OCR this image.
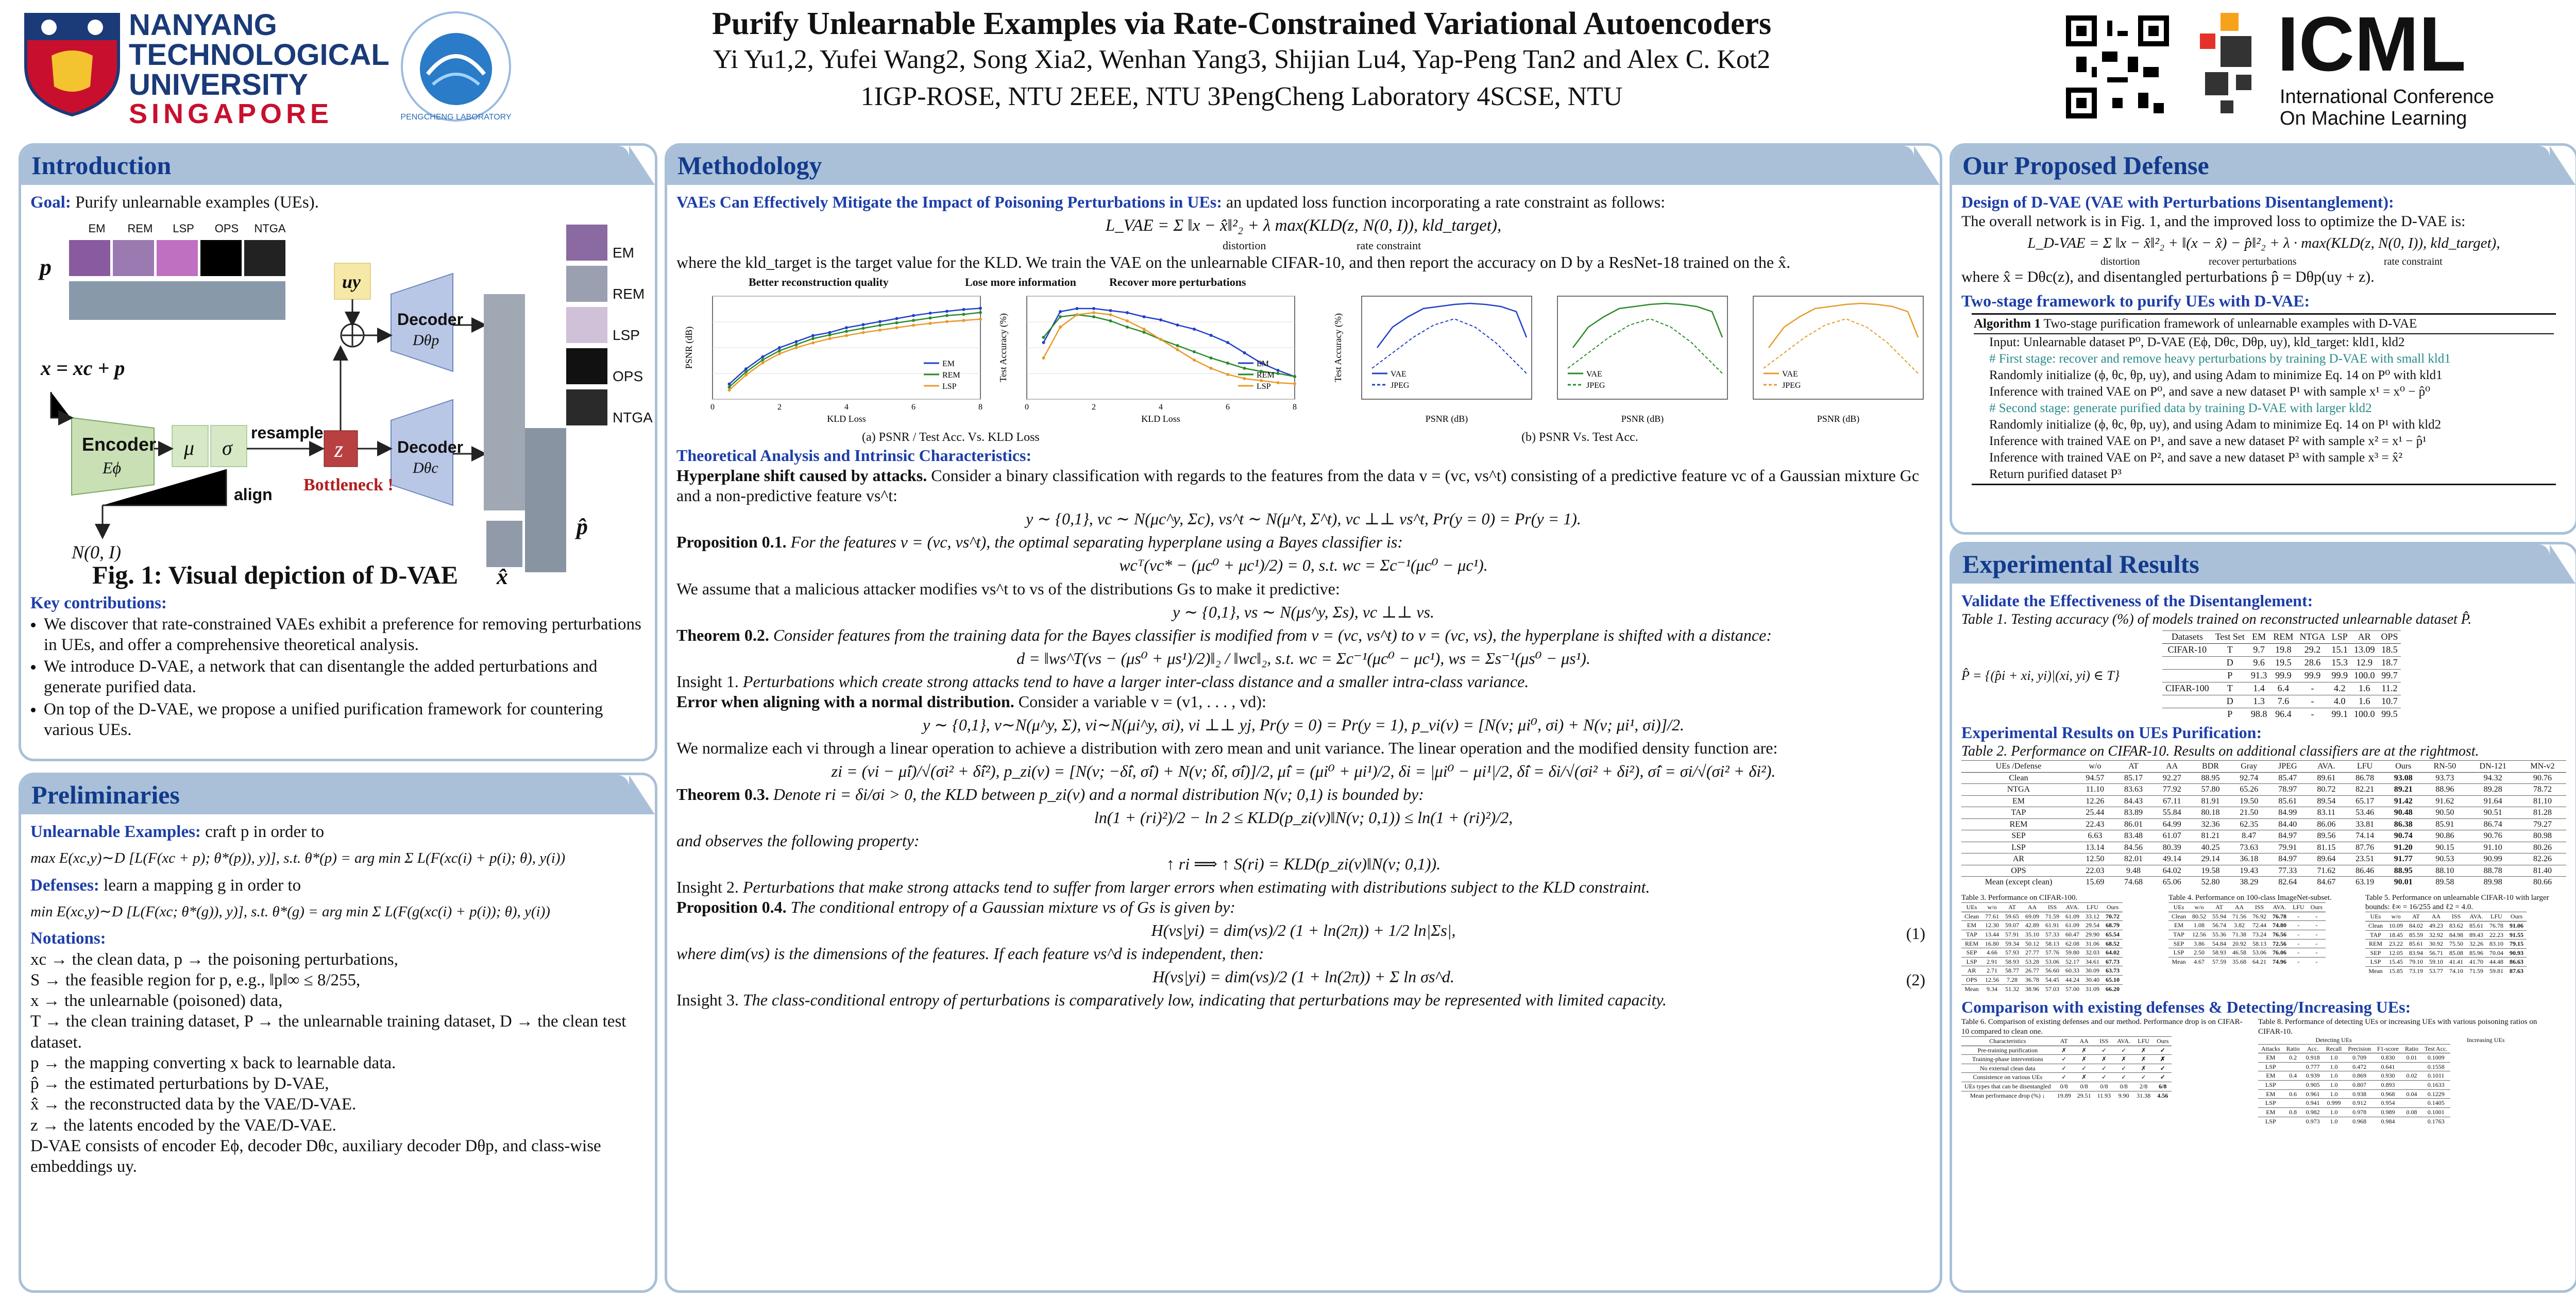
NANYANG
TECHNOLOGICAL
UNIVERSITY
SINGAPORE	PENGCHENG LABORATORY
Purify Unlearnable Examples via Rate-Constrained Variational Autoencoders
Yi Yu1,2, Yufei Wang2, Song Xia2, Wenhan Yang3, Shijian Lu4, Yap-Peng Tan2 and Alex C. Kot2
1IGP-ROSE, NTU 2EEE, NTU 3PengCheng Laboratory 4SCSE, NTU
ICML
International Conference
On Machine Learning
Introduction
Goal: Purify unlearnable examples (UEs).
EM REM LSP OPS NTGA
p
uy
x = xc + p
Encoder
Eϕ
μ σ
resample
z
Bottleneck !
align
N(0, I)
Decoder
Dθp
Decoder
Dθc
EM
REM
LSP
OPS
NTGA
p̂
x̂
Fig. 1: Visual depiction of D-VAE
Key contributions:
• We discover that rate-constrained VAEs exhibit a preference for removing perturbations in UEs, and offer a comprehensive theoretical analysis.
• We introduce D-VAE, a network that can disentangle the added perturbations and generate purified data.
• On top of the D-VAE, we propose a unified purification framework for countering various UEs.
Preliminaries
Unlearnable Examples: craft p in order to
max E(xc,y)∼D [L(F(xc + p); θ*(p)), y)], s.t. θ*(p) = arg min Σ L(F(xc(i) + p(i); θ), y(i))
Defenses: learn a mapping g in order to
min E(xc,y)∼D [L(F(xc; θ*(g)), y)], s.t. θ*(g) = arg min Σ L(F(g(xc(i) + p(i)); θ), y(i))
Notations:
xc → the clean data, p → the poisoning perturbations,
S → the feasible region for p, e.g., ‖p‖∞ ≤ 8/255,
x → the unlearnable (poisoned) data,
T → the clean training dataset, P → the unlearnable training dataset, D → the clean test dataset.
p → the mapping converting x back to learnable data.
p̂ → the estimated perturbations by D-VAE,
x̂ → the reconstructed data by the VAE/D-VAE.
z → the latents encoded by the VAE/D-VAE.
D-VAE consists of encoder Eϕ, decoder Dθc, auxiliary decoder Dθp, and class-wise embeddings uy.
Methodology
VAEs Can Effectively Mitigate the Impact of Poisoning Perturbations in UEs: an updated loss function incorporating a rate constraint as follows:
L_VAE = Σ ‖x − x̂‖²₂ + λ max(KLD(z, N(0, I)), kld_target),
distortion	rate constraint
where the kld_target is the target value for the KLD. We train the VAE on the unlearnable CIFAR-10, and then report the accuracy on D by a ResNet-18 trained on the x̂.
0	2	4	6	8
KLD Loss
PSNR (dB)	EM
REM
LSP
0	2	4	6	8
KLD Loss
Test Accuracy (%)	EM
REM
LSP
PSNR (dB)
VAE
JPEG
PSNR (dB)
VAE
JPEG
PSNR (dB)
VAE
JPEG
Test Accuracy (%)
Better reconstruction quality	Lose more information	Recover more perturbations
(a) PSNR / Test Acc. Vs. KLD Loss	(b) PSNR Vs. Test Acc.
Theoretical Analysis and Intrinsic Characteristics:
Hyperplane shift caused by attacks. Consider a binary classification with regards to the features from the data v = (vc, vs^t) consisting of a predictive feature vc of a Gaussian mixture Gc and a non-predictive feature vs^t:
y ∼ {0,1}, vc ∼ N(μc^y, Σc), vs^t ∼ N(μ^t, Σ^t), vc ⊥⊥ vs^t, Pr(y = 0) = Pr(y = 1).
Proposition 0.1. For the features v = (vc, vs^t), the optimal separating hyperplane using a Bayes classifier is:
wcᵀ(vc* − (μc⁰ + μc¹)/2) = 0, s.t. wc = Σc⁻¹(μc⁰ − μc¹).
We assume that a malicious attacker modifies vs^t to vs of the distributions Gs to make it predictive:
y ∼ {0,1}, vs ∼ N(μs^y, Σs), vc ⊥⊥ vs.
Theorem 0.2. Consider features from the training data for the Bayes classifier is modified from v = (vc, vs^t) to v = (vc, vs), the hyperplane is shifted with a distance:
d = ‖ws^T(vs − (μs⁰ + μs¹)/2)‖₂ / ‖wc‖₂, s.t. wc = Σc⁻¹(μc⁰ − μc¹), ws = Σs⁻¹(μs⁰ − μs¹).
Insight 1. Perturbations which create strong attacks tend to have a larger inter-class distance and a smaller intra-class variance.
Error when aligning with a normal distribution. Consider a variable v = (v1, . . . , vd):
y ∼ {0,1}, v∼N(μ^y, Σ), vi∼N(μi^y, σi), vi ⊥⊥ yj, Pr(y = 0) = Pr(y = 1), p_vi(v) = [N(v; μi⁰, σi) + N(v; μi¹, σi)]/2.
We normalize each vi through a linear operation to achieve a distribution with zero mean and unit variance. The linear operation and the modified density function are:
zi = (vi − μ̂i)/√(σi² + δ̂i²), p_zi(v) = [N(v; −δ̂i, σ̂i) + N(v; δ̂i, σ̂i)]/2, μ̂i = (μi⁰ + μi¹)/2, δi = |μi⁰ − μi¹|/2, δ̂i = δi/√(σi² + δi²), σ̂i = σi/√(σi² + δi²).
Theorem 0.3. Denote ri = δi/σi > 0, the KLD between p_zi(v) and a normal distribution N(v; 0,1) is bounded by:
ln(1 + (ri)²)/2 − ln 2 ≤ KLD(p_zi(v)‖N(v; 0,1)) ≤ ln(1 + (ri)²)/2,
and observes the following property:
↑ ri ⟹ ↑ S(ri) = KLD(p_zi(v)‖N(v; 0,1)).
Insight 2. Perturbations that make strong attacks tend to suffer from larger errors when estimating with distributions subject to the KLD constraint.
Proposition 0.4. The conditional entropy of a Gaussian mixture vs of Gs is given by:
H(vs|yi) = dim(vs)/2 (1 + ln(2π)) + 1/2 ln|Σs|,	(1)
where dim(vs) is the dimensions of the features. If each feature vs^d is independent, then:
H(vs|yi) = dim(vs)/2 (1 + ln(2π)) + Σ ln σs^d.	(2)
Insight 3. The class-conditional entropy of perturbations is comparatively low, indicating that perturbations may be represented with limited capacity.
Our Proposed Defense
Design of D-VAE (VAE with Perturbations Disentanglement):
The overall network is in Fig. 1, and the improved loss to optimize the D-VAE is:
L_D-VAE = Σ ‖x − x̂‖²₂ + ‖(x − x̂) − p̂‖²₂ + λ · max(KLD(z, N(0, I)), kld_target),
distortion	recover perturbations	rate constraint
where x̂ = Dθc(z), and disentangled perturbations p̂ = Dθp(uy + z).
Two-stage framework to purify UEs with D-VAE:
Algorithm 1 Two-stage purification framework of unlearnable examples with D-VAE
Input: Unlearnable dataset P⁰, D-VAE (Eϕ, Dθc, Dθp, uy), kld_target: kld1, kld2
# First stage: recover and remove heavy perturbations by training D-VAE with small kld1
Randomly initialize (ϕ, θc, θp, uy), and using Adam to minimize Eq. 14 on P⁰ with kld1
Inference with trained VAE on P⁰, and save a new dataset P¹ with sample x¹ = x⁰ − p̂⁰
# Second stage: generate purified data by training D-VAE with larger kld2
Randomly initialize (ϕ, θc, θp, uy), and using Adam to minimize Eq. 14 on P¹ with kld2
Inference with trained VAE on P¹, and save a new dataset P² with sample x² = x¹ − p̂¹
Inference with trained VAE on P², and save a new dataset P³ with sample x³ = x̂²
Return purified dataset P³
Experimental Results
Validate the Effectiveness of the Disentanglement:
Table 1. Testing accuracy (%) of models trained on reconstructed unlearnable dataset P̂.
P̂ = {(p̂i + xi, yi)|(xi, yi) ∈ T}
Datasets	Test Set	EM	REM	NTGA	LSP	AR	OPS
CIFAR-10	T	9.7	19.8	29.2	15.1	13.09	18.5
	D	9.6	19.5	28.6	15.3	12.9	18.7
	P	91.3	99.9	99.9	99.9	100.0	99.7
CIFAR-100	T	1.4	6.4	-	4.2	1.6	11.2
	D	1.3	7.6	-	4.0	1.6	10.7
	P	98.8	96.4	-	99.1	100.0	99.5
Experimental Results on UEs Purification:
Table 2. Performance on CIFAR-10. Results on additional classifiers are at the rightmost.
UEs /Defense	w/o	AT	AA	BDR	Gray	JPEG	AVA.	LFU	Ours	RN-50	DN-121	MN-v2
Clean	94.57	85.17	92.27	88.95	92.74	85.47	89.61	86.78	93.08	93.73	94.32	90.76
NTGA	11.10	83.63	77.92	57.80	65.26	78.97	80.72	82.21	89.21	88.96	89.28	78.72
EM	12.26	84.43	67.11	81.91	19.50	85.61	89.54	65.17	91.42	91.62	91.64	81.10
TAP	25.44	83.89	55.84	80.18	21.50	84.99	83.11	53.46	90.48	90.50	90.51	81.28
REM	22.43	86.01	64.99	32.36	62.35	84.40	86.06	33.81	86.38	85.91	86.74	79.27
SEP	6.63	83.48	61.07	81.21	8.47	84.97	89.56	74.14	90.74	90.86	90.76	80.98
LSP	13.14	84.56	80.39	40.25	73.63	79.91	81.15	87.76	91.20	90.15	91.10	80.26
AR	12.50	82.01	49.14	29.14	36.18	84.97	89.64	23.51	91.77	90.53	90.99	82.26
OPS	22.03	9.48	64.02	19.58	19.43	77.33	71.62	86.46	88.95	88.10	88.78	81.40
Mean (except clean)	15.69	74.68	65.06	52.80	38.29	82.64	84.67	63.19	90.01	89.58	89.98	80.66
Table 3. Performance on CIFAR-100.
UEs	w/o	AT	AA	ISS	AVA.	LFU	Ours
Clean	77.61	59.65	69.09	71.59	61.09	33.12	70.72
EM	12.30	59.07	42.89	61.91	61.09	29.54	68.79
TAP	13.44	57.91	35.10	57.33	60.47	29.90	65.54
REM	16.80	59.34	50.12	58.13	62.08	31.06	68.52
SEP	4.66	57.93	27.77	57.76	59.80	32.03	64.02
LSP	2.91	58.93	53.28	53.06	52.17	34.61	67.73
AR	2.71	58.77	26.77	56.60	60.33	30.09	63.73
OPS	12.56	7.28	36.78	54.45	44.24	30.40	65.10
Mean	9.34	51.32	38.96	57.03	57.00	31.09	66.20
Table 4. Performance on 100-class ImageNet-subset.
UEs	w/o	AT	AA	ISS	AVA.	LFU	Ours
Clean	80.52	55.94	71.56	76.92	76.78	-	-
EM	1.08	56.74	3.82	72.44	74.80	-	-
TAP	12.56	55.36	71.38	73.24	76.56	-	-
SEP	3.86	54.84	20.92	58.13	72.56	-	-
LSP	2.50	58.93	46.58	53.06	76.06	-	-
Mean	4.67	57.59	35.68	64.21	74.96	-	-
Table 5. Performance on unlearnable CIFAR-10 with larger bounds: ℓ∞ = 16/255 and ℓ2 = 4.0.
UEs	w/o	AT	AA	ISS	AVA.	LFU	Ours
Clean	10.09	84.02	49.23	83.62	85.61	76.78	91.06
TAP	18.45	85.59	32.92	84.98	89.43	22.23	91.55
REM	23.22	85.61	30.92	75.50	32.26	83.10	79.15
SEP	12.05	83.94	56.71	85.08	85.96	70.04	90.93
LSP	15.45	79.10	59.10	41.41	41.70	44.48	86.63
Mean	15.85	73.19	53.77	74.10	71.59	59.81	87.63
Comparison with existing defenses & Detecting/Increasing UEs:
Table 6. Comparison of existing defenses and our method. Performance drop is on CIFAR-10 compared to clean one.
Characteristics	AT	AA	ISS	AVA.	LFU	Ours
Pre-training purification	✗	✗	✓	✓	✗	✓
Training-phase interventions	✓	✗	✗	✗	✗	✗
No external clean data	✓	✓	✓	✓	✗	✓
Consistence on various UEs	✓	✗	✓	✓	✓	✓
UEs types that can be disentangled	0/8	0/8	0/8	0/8	2/8	6/8
Mean performance drop (%) ↓	19.89	29.51	11.93	9.90	31.38	4.56
Table 8. Performance of detecting UEs or increasing UEs with various poisoning ratios on CIFAR-10.
Detecting UEs	Increasing UEs
Attacks	Ratio	Acc.	Recall	Precision	F1-score	Ratio	Test Acc.
EM	0.2	0.918	1.0	0.709	0.830	0.01	0.1009
LSP		0.777	1.0	0.472	0.641		0.1558
EM	0.4	0.939	1.0	0.869	0.930	0.02	0.1011
LSP		0.905	1.0	0.807	0.893		0.1633
EM	0.6	0.961	1.0	0.938	0.968	0.04	0.1229
LSP		0.941	0.999	0.912	0.954		0.1405
EM	0.8	0.982	1.0	0.978	0.989	0.08	0.1001
LSP		0.973	1.0	0.968	0.984		0.1763
